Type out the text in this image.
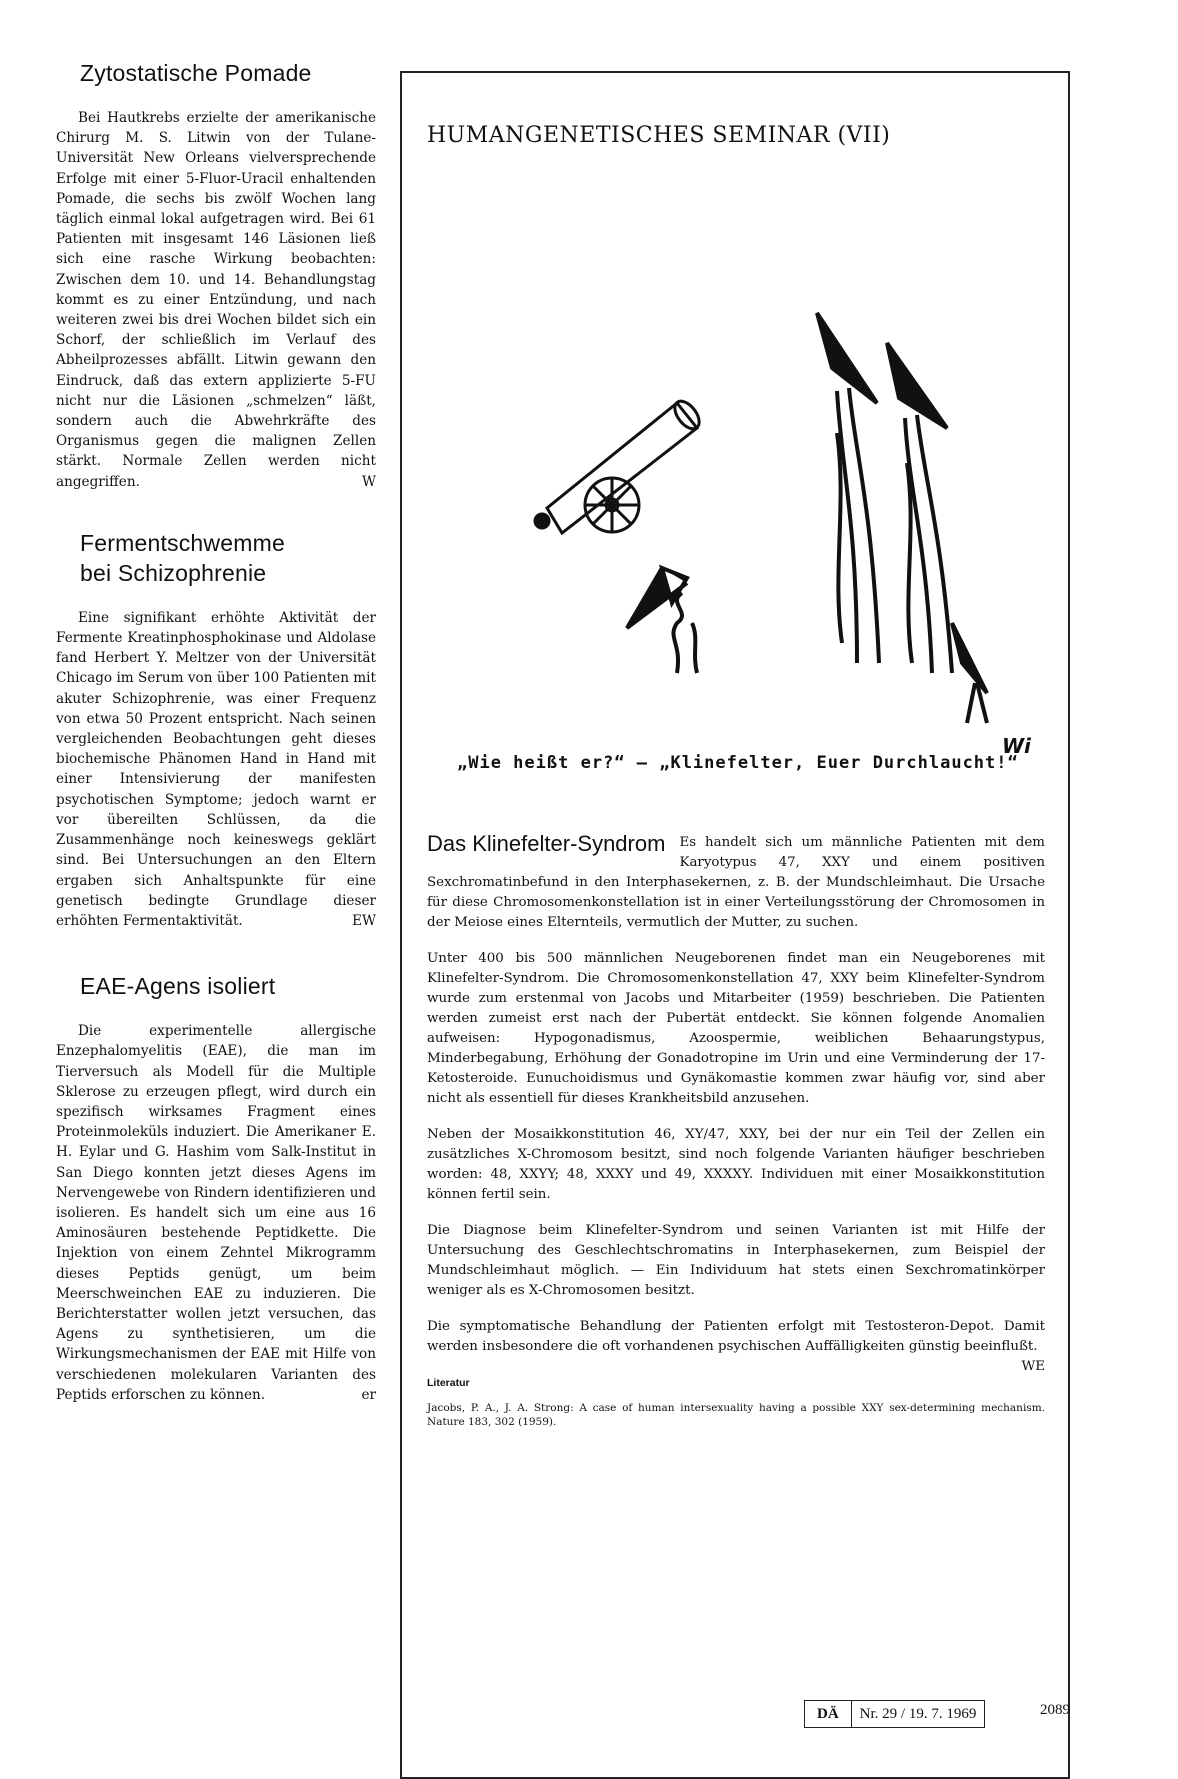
Zytostatische Pomade

Bei Hautkrebs erzielte der amerikanische Chirurg M. S. Litwin von der Tulane-Universität New Orleans vielversprechende Erfolge mit einer 5-Fluor-Uracil enhaltenden Pomade, die sechs bis zwölf Wochen lang täglich einmal lokal aufgetragen wird. Bei 61 Patienten mit insgesamt 146 Läsionen ließ sich eine rasche Wirkung beobachten: Zwischen dem 10. und 14. Behandlungstag kommt es zu einer Entzündung, und nach weiteren zwei bis drei Wochen bildet sich ein Schorf, der schließlich im Verlauf des Abheilprozesses abfällt. Litwin gewann den Eindruck, daß das extern applizierte 5-FU nicht nur die Läsionen „schmelzen“ läßt, sondern auch die Abwehrkräfte des Organismus gegen die malignen Zellen stärkt. Normale Zellen werden nicht angegriffen.	W

Fermentschwemme
bei Schizophrenie

Eine signifikant erhöhte Aktivität der Fermente Kreatinphosphokinase und Aldolase fand Herbert Y. Meltzer von der Universität Chicago im Serum von über 100 Patienten mit akuter Schizophrenie, was einer Frequenz von etwa 50 Prozent entspricht. Nach seinen vergleichenden Beobachtungen geht dieses biochemische Phänomen Hand in Hand mit einer Intensivierung der manifesten psychotischen Symptome; jedoch warnt er vor übereilten Schlüssen, da die Zusammenhänge noch keineswegs geklärt sind. Bei Untersuchungen an den Eltern ergaben sich Anhaltspunkte für eine genetisch bedingte Grundlage dieser erhöhten Fermentaktivität.	EW

EAE-Agens isoliert

Die experimentelle allergische Enzephalomyelitis (EAE), die man im Tierversuch als Modell für die Multiple Sklerose zu erzeugen pflegt, wird durch ein spezifisch wirksames Fragment eines Proteinmoleküls induziert. Die Amerikaner E. H. Eylar und G. Hashim vom Salk-Institut in San Diego konnten jetzt dieses Agens im Nervengewebe von Rindern identifizieren und isolieren. Es handelt sich um eine aus 16 Aminosäuren bestehende Peptidkette. Die Injektion von einem Zehntel Mikrogramm dieses Peptids genügt, um beim Meerschweinchen EAE zu induzieren. Die Berichterstatter wollen jetzt versuchen, das Agens zu synthetisieren, um die Wirkungsmechanismen der EAE mit Hilfe von verschiedenen molekularen Varianten des Peptids erforschen zu können.	er

HUMANGENETISCHES SEMINAR (VII)
Wi
„Wie heißt er?“ — „Klinefelter, Euer Durchlaucht!“

Das Klinefelter-Syndrom Es handelt sich um männliche Patienten mit dem Karyotypus 47, XXY und einem positiven Sexchromatinbefund in den Interphasekernen, z. B. der Mundschleimhaut. Die Ursache für diese Chromosomenkonstellation ist in einer Verteilungsstörung der Chromosomen in der Meiose eines Elternteils, vermutlich der Mutter, zu suchen.

Unter 400 bis 500 männlichen Neugeborenen findet man ein Neugeborenes mit Klinefelter-Syndrom. Die Chromosomenkonstellation 47, XXY beim Klinefelter-Syndrom wurde zum erstenmal von Jacobs und Mitarbeiter (1959) beschrieben. Die Patienten werden zumeist erst nach der Pubertät entdeckt. Sie können folgende Anomalien aufweisen: Hypogonadismus, Azoospermie, weiblichen Behaarungstypus, Minderbegabung, Erhöhung der Gonadotropine im Urin und eine Verminderung der 17-Ketosteroide. Eunuchoidismus und Gynäkomastie kommen zwar häufig vor, sind aber nicht als essentiell für dieses Krankheitsbild anzusehen.

Neben der Mosaikkonstitution 46, XY/47, XXY, bei der nur ein Teil der Zellen ein zusätzliches X-Chromosom besitzt, sind noch folgende Varianten häufiger beschrieben worden: 48, XXYY; 48, XXXY und 49, XXXXY. Individuen mit einer Mosaikkonstitution können fertil sein.

Die Diagnose beim Klinefelter-Syndrom und seinen Varianten ist mit Hilfe der Untersuchung des Geschlechtschromatins in Interphasekernen, zum Beispiel der Mundschleimhaut möglich. — Ein Individuum hat stets einen Sexchromatinkörper weniger als es X-Chromosomen besitzt.

Die symptomatische Behandlung der Patienten erfolgt mit Testosteron-Depot. Damit werden insbesondere die oft vorhandenen psychischen Auffälligkeiten günstig beeinflußt.
WE

Literatur
Jacobs, P. A., J. A. Strong: A case of human intersexuality having a possible XXY sex-determining mechanism. Nature 183, 302 (1959).
DÄ	Nr. 29 / 19. 7. 1969	2089
